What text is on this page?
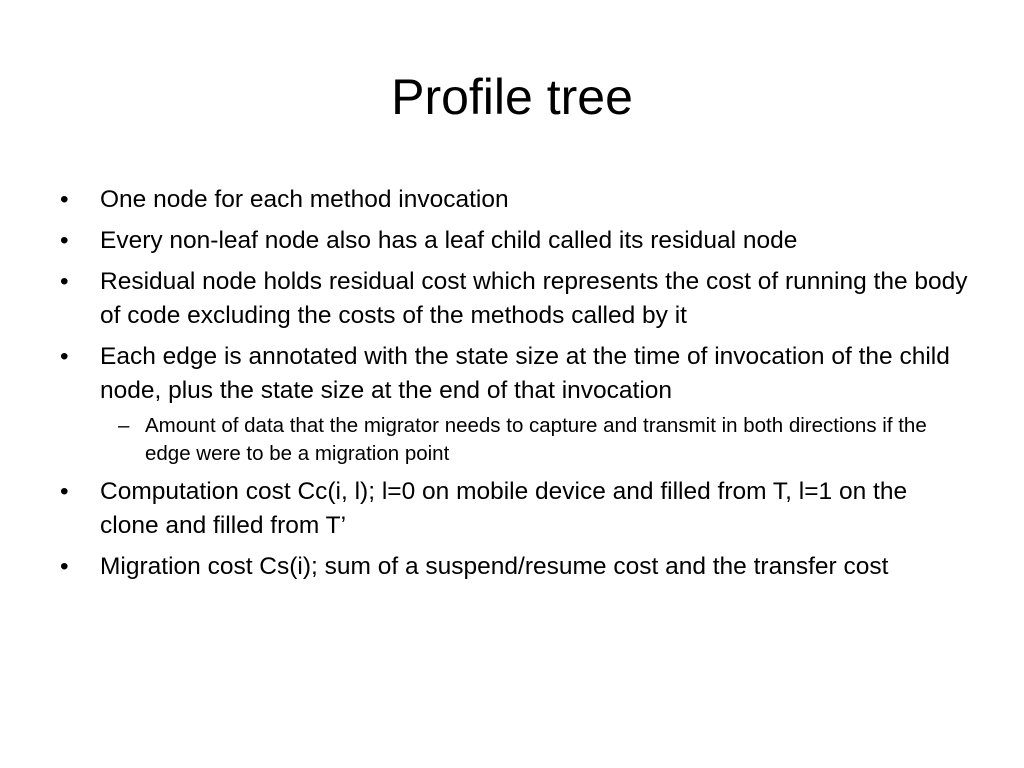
Profile tree
•	One node for each method invocation
•	Every non-leaf node also has a leaf child called its residual node
•	Residual node holds residual cost which represents the cost of running the body of code excluding the costs of the methods called by it
•	Each edge is annotated with the state size at the time of invocation of the child node, plus the state size at the end of that invocation
– Amount of data that the migrator needs to capture and transmit in both directions if the edge were to be a migration point
•	Computation cost Cc(i, l); l=0 on mobile device and filled from T, l=1 on the clone and filled from T’
•	Migration cost Cs(i); sum of a suspend/resume cost and the transfer cost
